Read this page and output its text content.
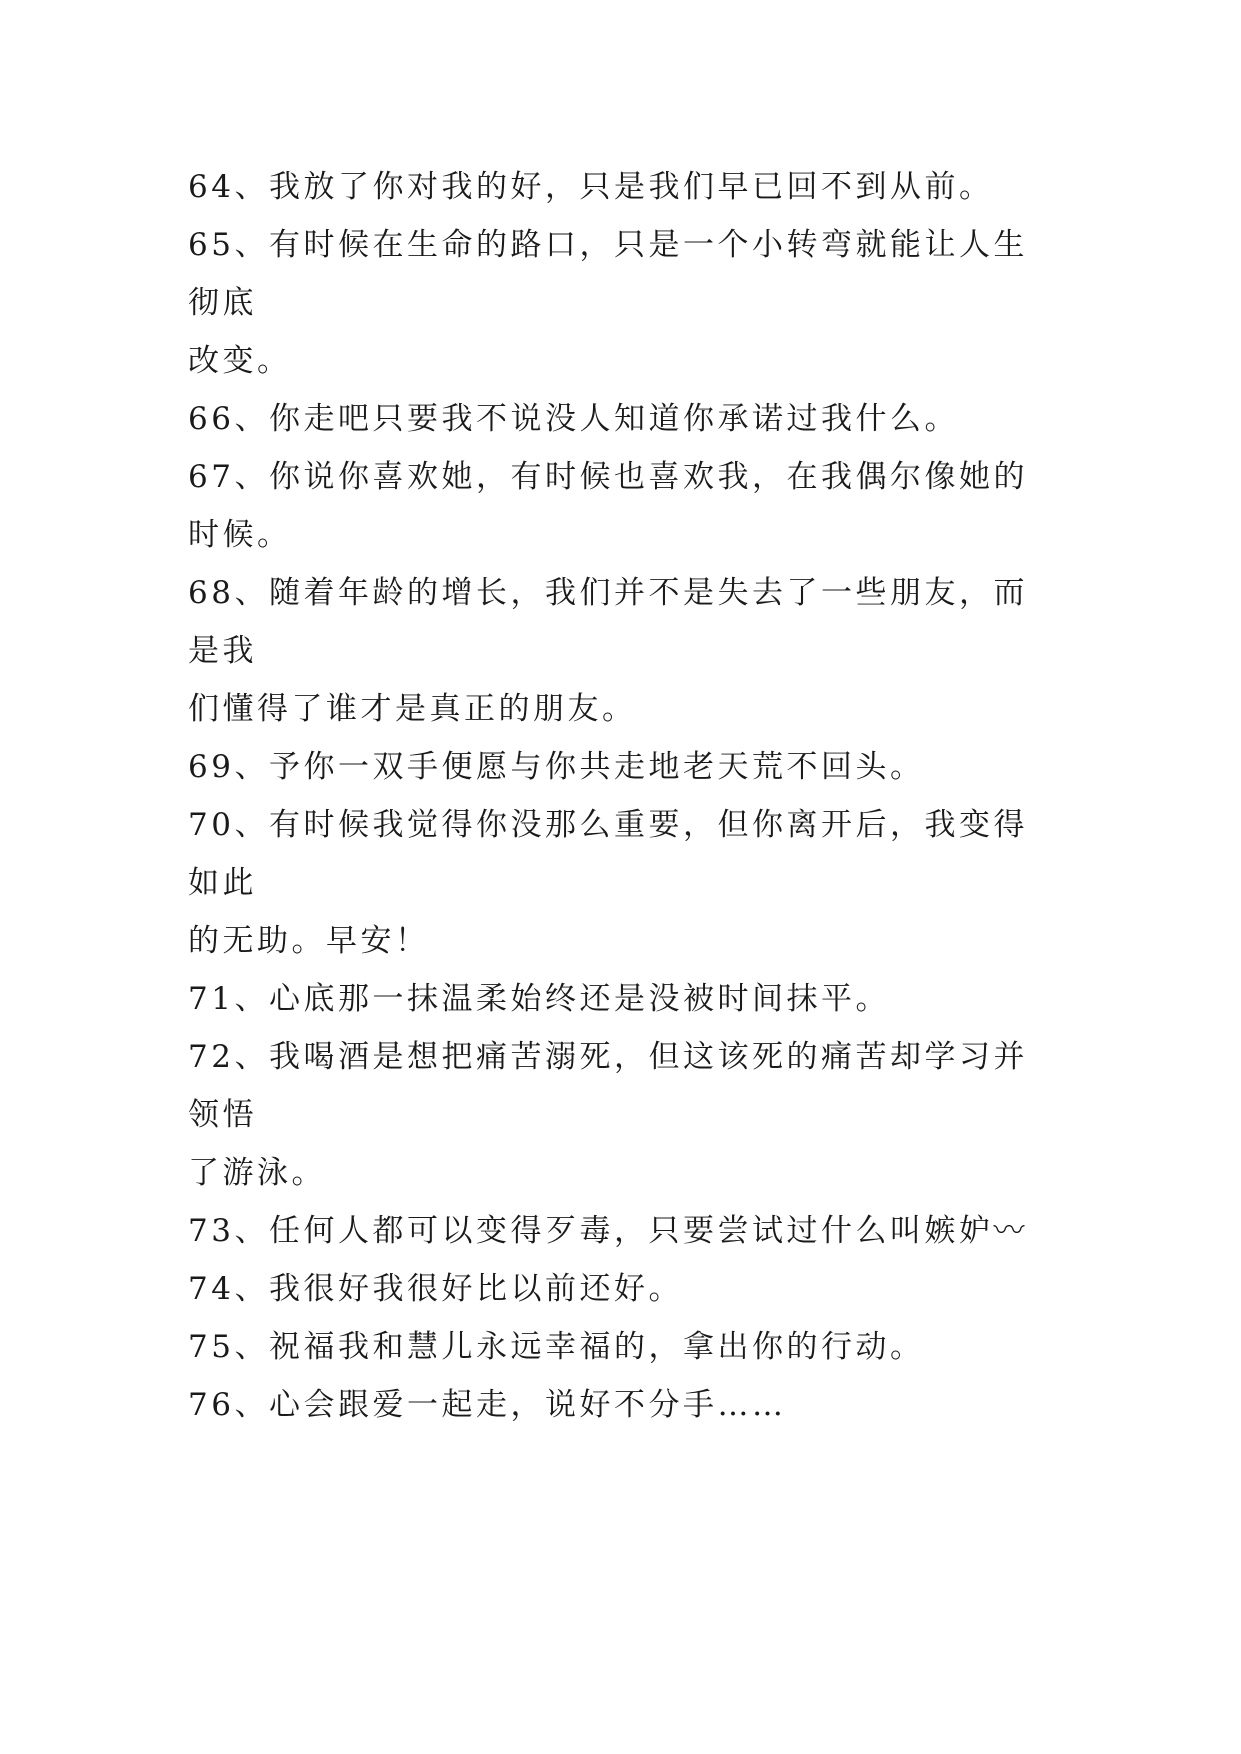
64、我放了你对我的好，只是我们早已回不到从前。

65、有时候在生命的路口，只是一个小转弯就能让人生彻底

改变。

66、你走吧只要我不说没人知道你承诺过我什么。

67、你说你喜欢她，有时候也喜欢我，在我偶尔像她的时候。

68、随着年龄的增长，我们并不是失去了一些朋友，而是我

们懂得了谁才是真正的朋友。

69、予你一双手便愿与你共走地老天荒不回头。

70、有时候我觉得你没那么重要，但你离开后，我变得如此

的无助。早安！

71、心底那一抹温柔始终还是没被时间抹平。

72、我喝酒是想把痛苦溺死，但这该死的痛苦却学习并领悟

了游泳。

73、任何人都可以变得歹毒，只要尝试过什么叫嫉妒〰

74、我很好我很好比以前还好。

75、祝福我和慧儿永远幸福的，拿出你的行动。

76、心会跟爱一起走，说好不分手……
